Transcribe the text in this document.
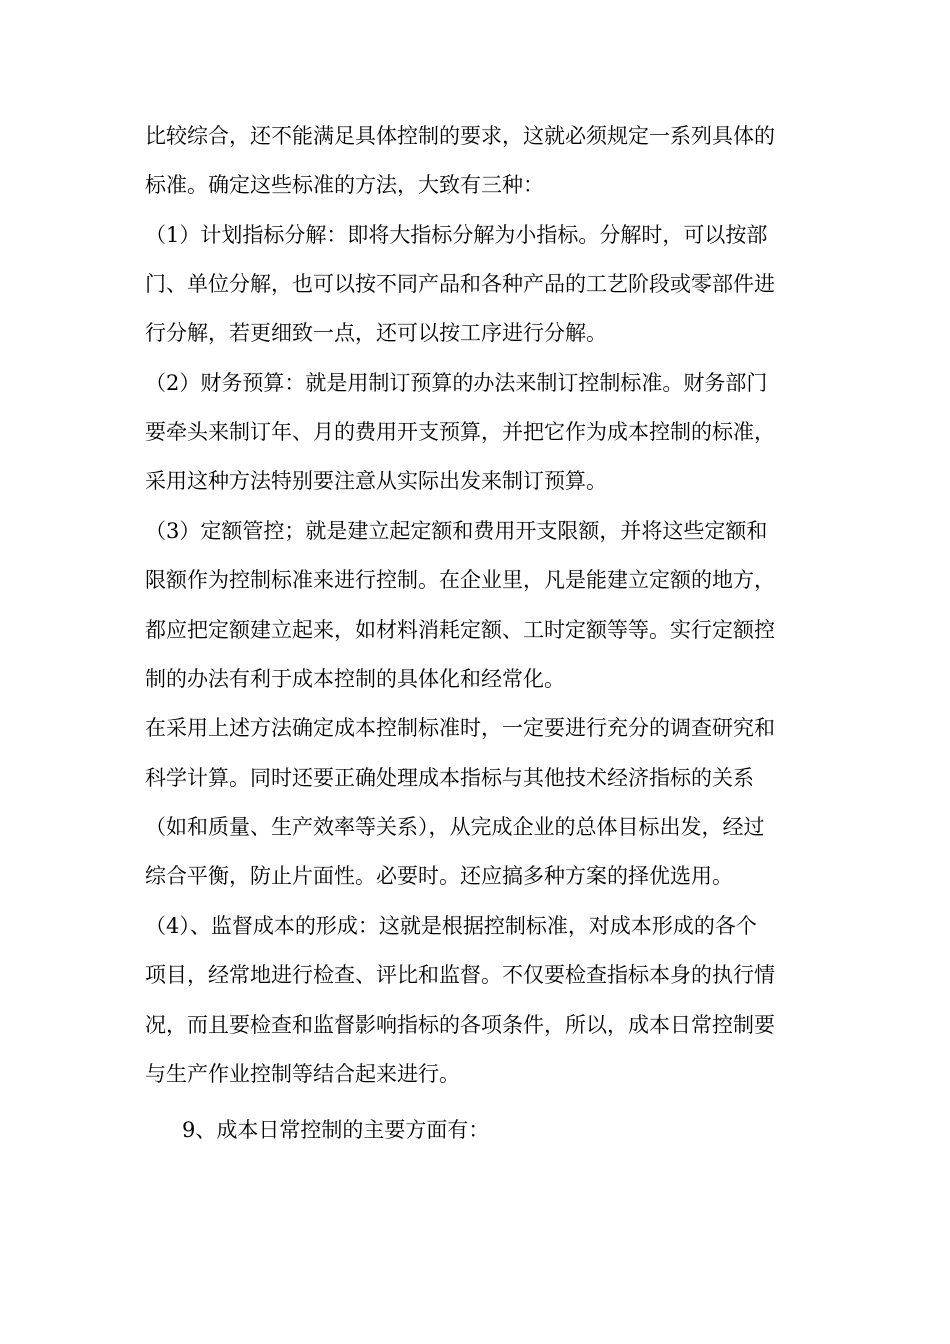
比较综合，还不能满足具体控制的要求，这就必须规定一系列具体的
标准。确定这些标准的方法，大致有三种：
（1）计划指标分解：即将大指标分解为小指标。分解时，可以按部
门、单位分解，也可以按不同产品和各种产品的工艺阶段或零部件进
行分解，若更细致一点，还可以按工序进行分解。
（2）财务预算：就是用制订预算的办法来制订控制标准。财务部门
要牵头来制订年、月的费用开支预算，并把它作为成本控制的标准，
采用这种方法特别要注意从实际出发来制订预算。
（3）定额管控；就是建立起定额和费用开支限额，并将这些定额和
限额作为控制标准来进行控制。在企业里，凡是能建立定额的地方，
都应把定额建立起来，如材料消耗定额、工时定额等等。实行定额控
制的办法有利于成本控制的具体化和经常化。
在采用上述方法确定成本控制标准时，一定要进行充分的调查研究和
科学计算。同时还要正确处理成本指标与其他技术经济指标的关系
（如和质量、生产效率等关系），从完成企业的总体目标出发，经过
综合平衡，防止片面性。必要时。还应搞多种方案的择优选用。
（4）、监督成本的形成：这就是根据控制标准，对成本形成的各个
项目，经常地进行检查、评比和监督。不仅要检查指标本身的执行情
况，而且要检查和监督影响指标的各项条件，所以，成本日常控制要
与生产作业控制等结合起来进行。
9、成本日常控制的主要方面有：
